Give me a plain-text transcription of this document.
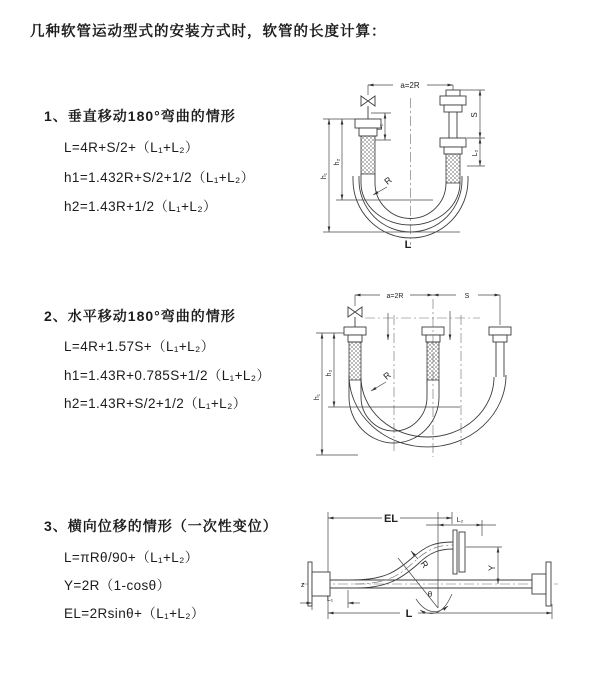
几种软管运动型式的安装方式时，软管的长度计算：
1、垂直移动180°弯曲的情形
L=4R+S/2+（L₁+L₂）
h1=1.432R+S/2+1/2（L₁+L₂）
h2=1.43R+1/2（L₁+L₂）
2、水平移动180°弯曲的情形
L=4R+1.57S+（L₁+L₂）
h1=1.43R+0.785S+1/2（L₁+L₂）
h2=1.43R+S/2+1/2（L₁+L₂）
3、横向位移的情形（一次性变位）
L=πRθ/90+（L₁+L₂）
Y=2R（1-cosθ）
EL=2Rsinθ+（L₁+L₂）
a=2R
h₁
h₂
L₁
S
L₂
R
L
a=2R	S
h₁
h₂	R
EL	L₂
Y
R
θ
L
L₁
z
